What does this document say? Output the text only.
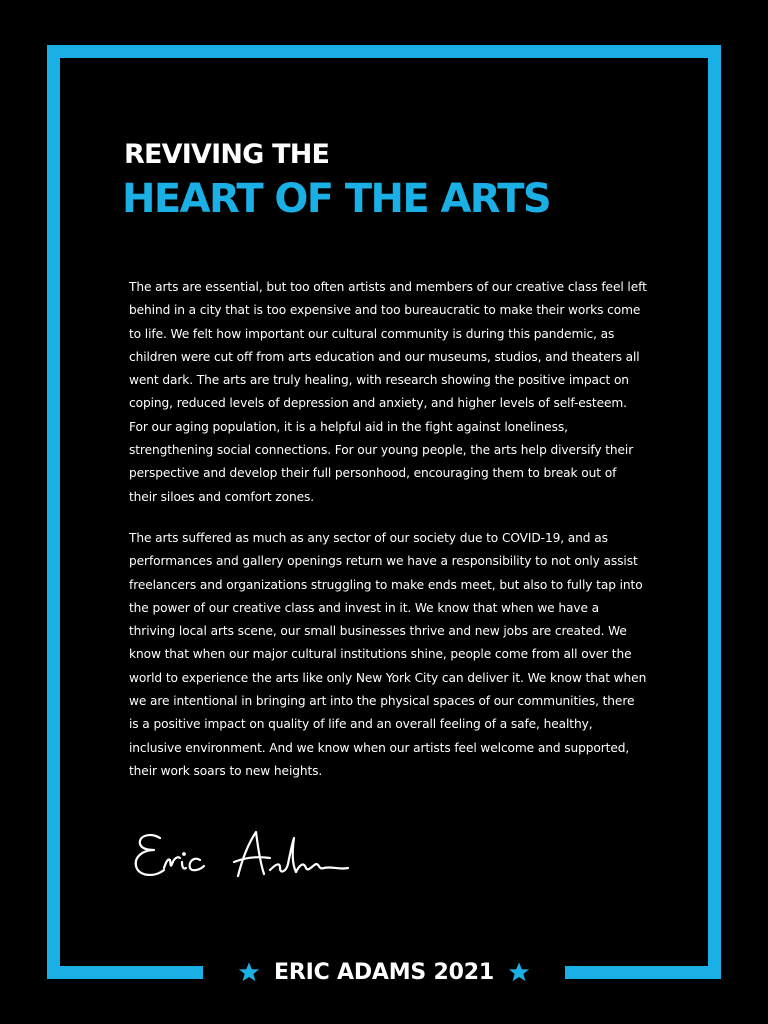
REVIVING THE
HEART OF THE ARTS

The arts are essential, but too often artists and members of our creative class feel left behind in a city that is too expensive and too bureaucratic to make their works come to life. We felt how important our cultural community is during this pandemic, as children were cut off from arts education and our museums, studios, and theaters all went dark. The arts are truly healing, with research showing the positive impact on coping, reduced levels of depression and anxiety, and higher levels of self-esteem. For our aging population, it is a helpful aid in the fight against loneliness, strengthening social connections. For our young people, the arts help diversify their perspective and develop their full personhood, encouraging them to break out of their siloes and comfort zones.

The arts suffered as much as any sector of our society due to COVID-19, and as performances and gallery openings return we have a responsibility to not only assist freelancers and organizations struggling to make ends meet, but also to fully tap into the power of our creative class and invest in it. We know that when we have a thriving local arts scene, our small businesses thrive and new jobs are created. We know that when our major cultural institutions shine, people come from all over the world to experience the arts like only New York City can deliver it. We know that when we are intentional in bringing art into the physical spaces of our communities, there is a positive impact on quality of life and an overall feeling of a safe, healthy, inclusive environment. And we know when our artists feel welcome and supported, their work soars to new heights.

ERIC ADAMS 2021
